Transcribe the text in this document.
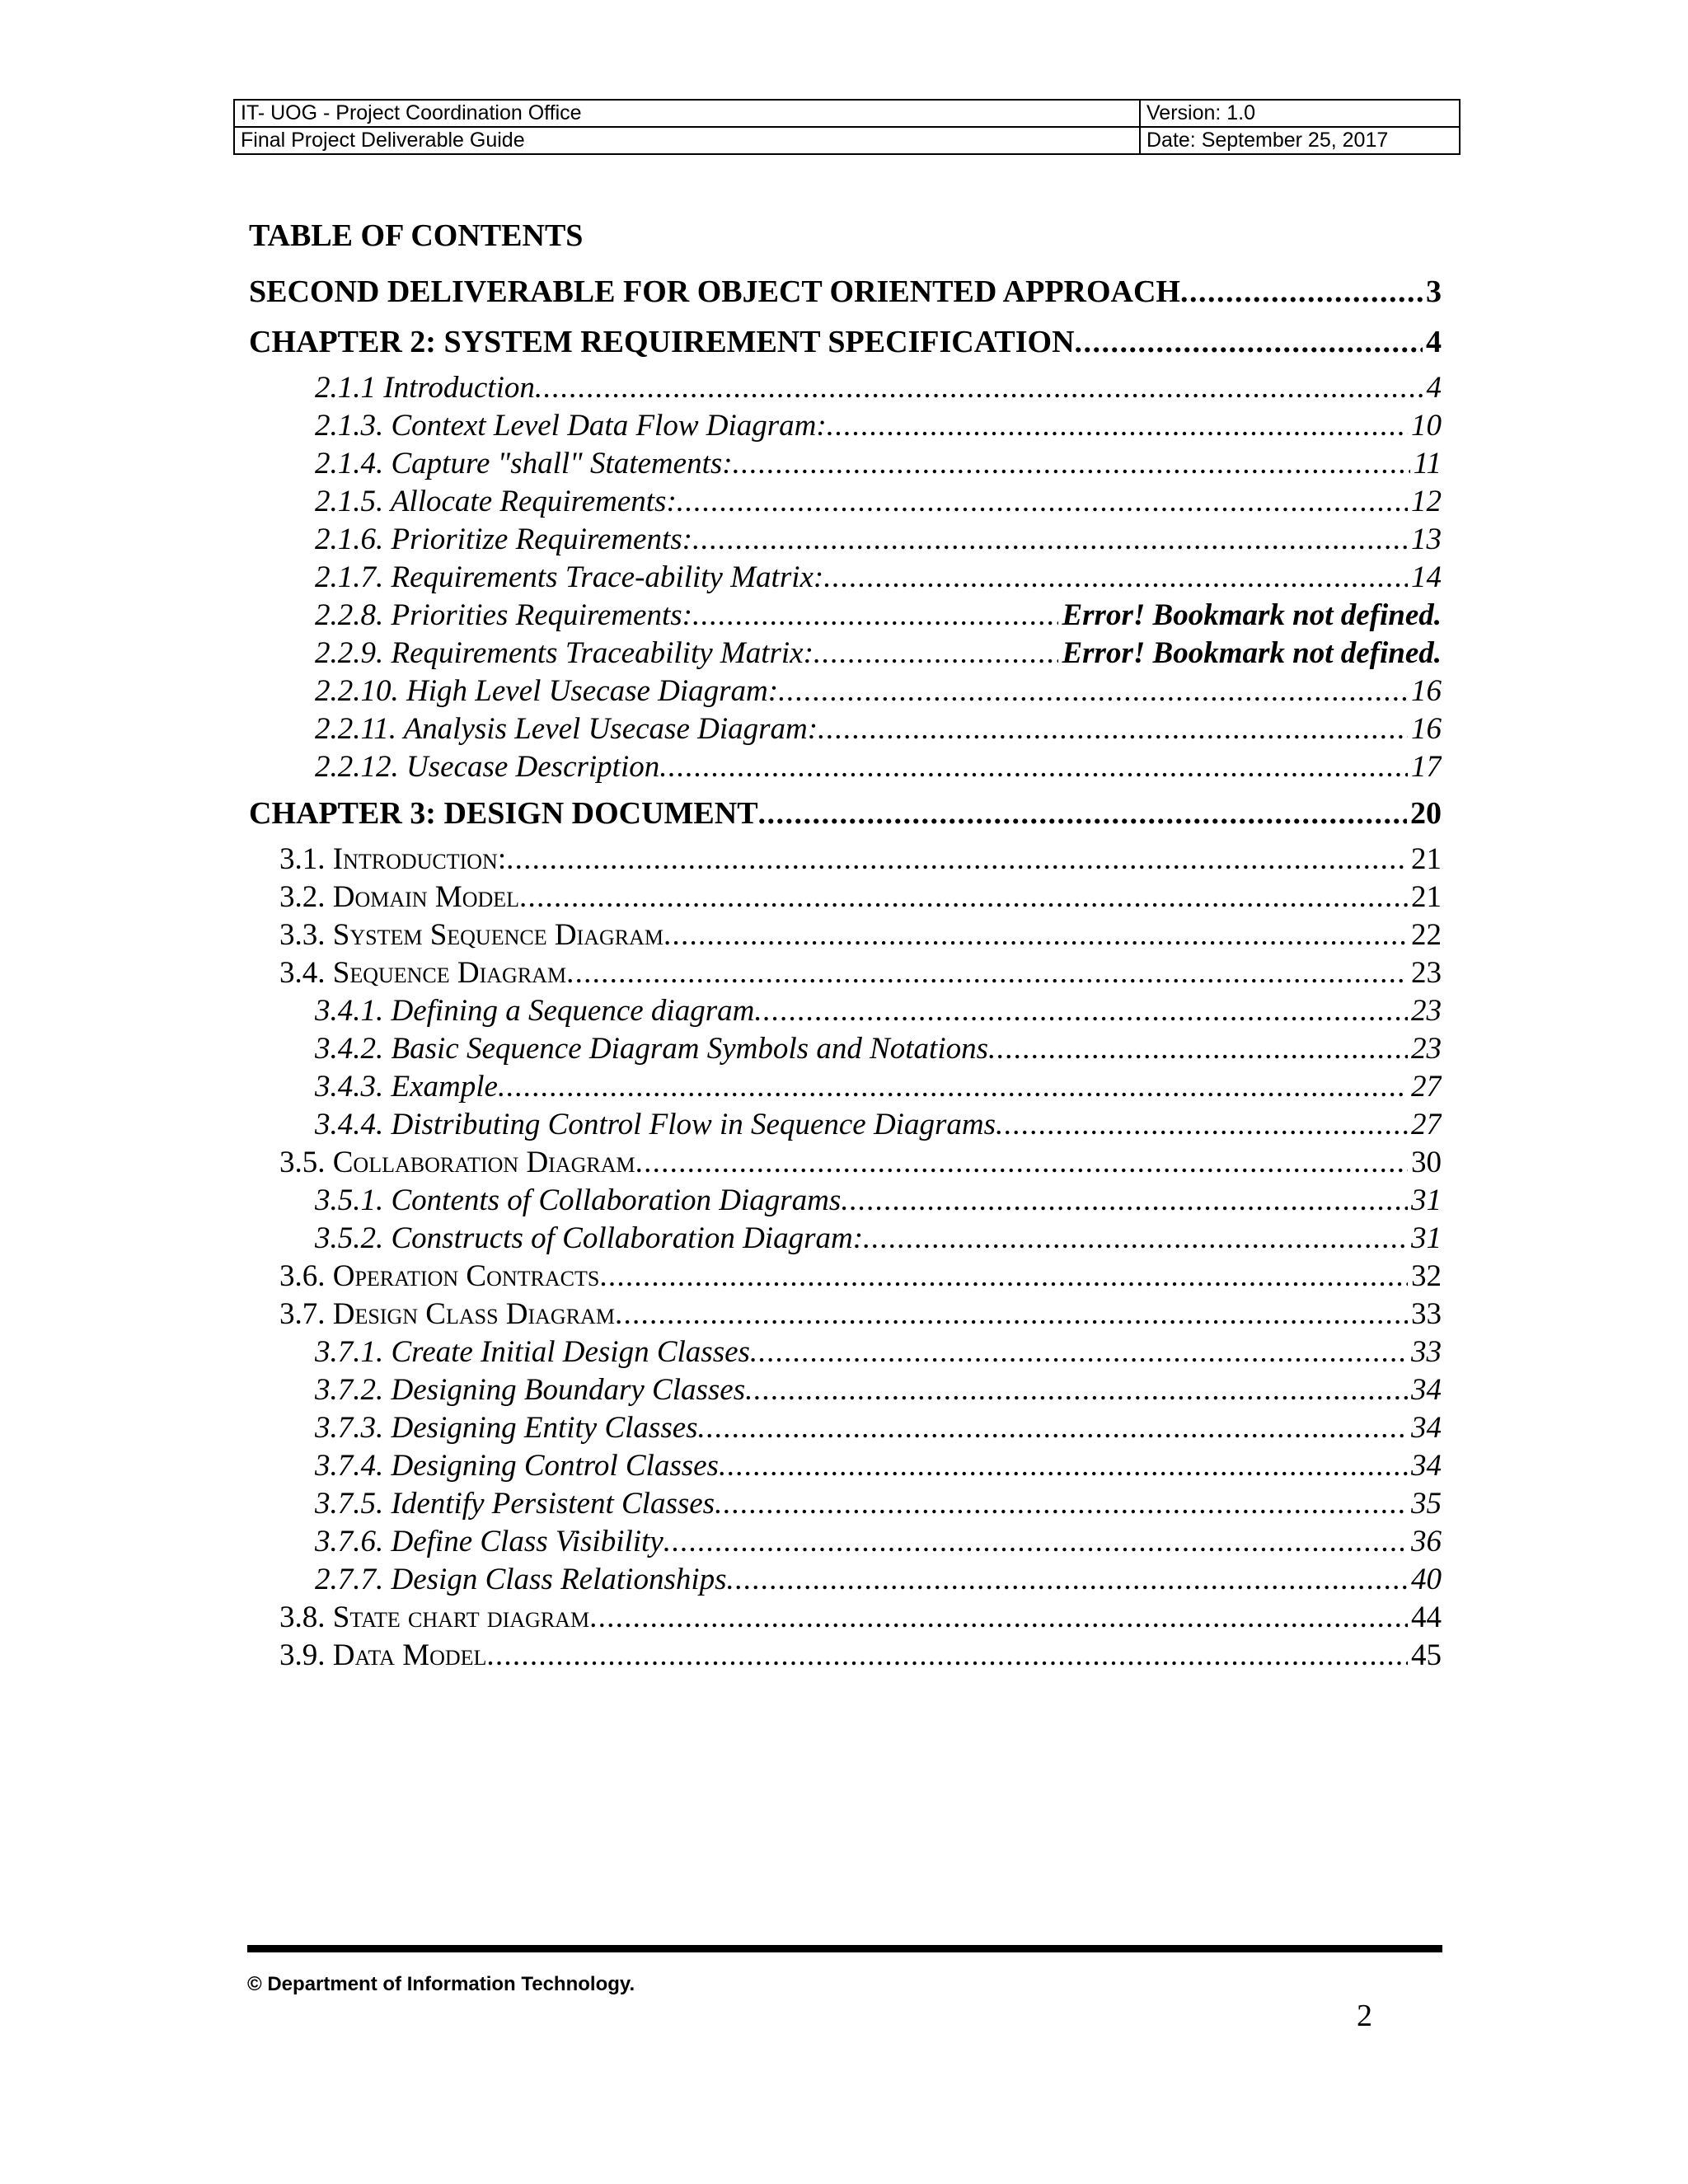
IT- UOG - Project Coordination Office	Version: 1.0
Final Project Deliverable Guide	Date: September 25, 2017
TABLE OF CONTENTS
SECOND DELIVERABLE FOR OBJECT ORIENTED APPROACH . . .	3
CHAPTER 2: SYSTEM REQUIREMENT SPECIFICATION . . .	4
2.1.1 Introduction . . .	4
2.1.3. Context Level Data Flow Diagram: . . .	10
2.1.4. Capture "shall" Statements: . . .	11
2.1.5. Allocate Requirements: . . .	12
2.1.6. Prioritize Requirements: . . .	13
2.1.7. Requirements Trace-ability Matrix: . . .	14
2.2.8. Priorities Requirements: . . .	Error! Bookmark not defined.
2.2.9. Requirements Traceability Matrix: . . .	Error! Bookmark not defined.
2.2.10. High Level Usecase Diagram: . . .	16
2.2.11. Analysis Level Usecase Diagram: . . .	16
2.2.12. Usecase Description . . .	17
CHAPTER 3: DESIGN DOCUMENT . . .	20
3.1. Introduction: . . .	21
3.2. Domain Model . . .	21
3.3. System Sequence Diagram . . .	22
3.4. Sequence Diagram . . .	23
3.4.1. Defining a Sequence diagram . . .	23
3.4.2. Basic Sequence Diagram Symbols and Notations . . .	23
3.4.3. Example . . .	27
3.4.4. Distributing Control Flow in Sequence Diagrams . . .	27
3.5. Collaboration Diagram . . .	30
3.5.1. Contents of Collaboration Diagrams . . .	31
3.5.2. Constructs of Collaboration Diagram: . . .	31
3.6. Operation Contracts . . .	32
3.7. Design Class Diagram . . .	33
3.7.1. Create Initial Design Classes . . .	33
3.7.2. Designing Boundary Classes . . .	34
3.7.3. Designing Entity Classes . . .	34
3.7.4. Designing Control Classes . . .	34
3.7.5. Identify Persistent Classes . . .	35
3.7.6. Define Class Visibility . . .	36
2.7.7. Design Class Relationships . . .	40
3.8. State chart diagram . . .	44
3.9. Data Model . . .	45
© Department of Information Technology.
2
